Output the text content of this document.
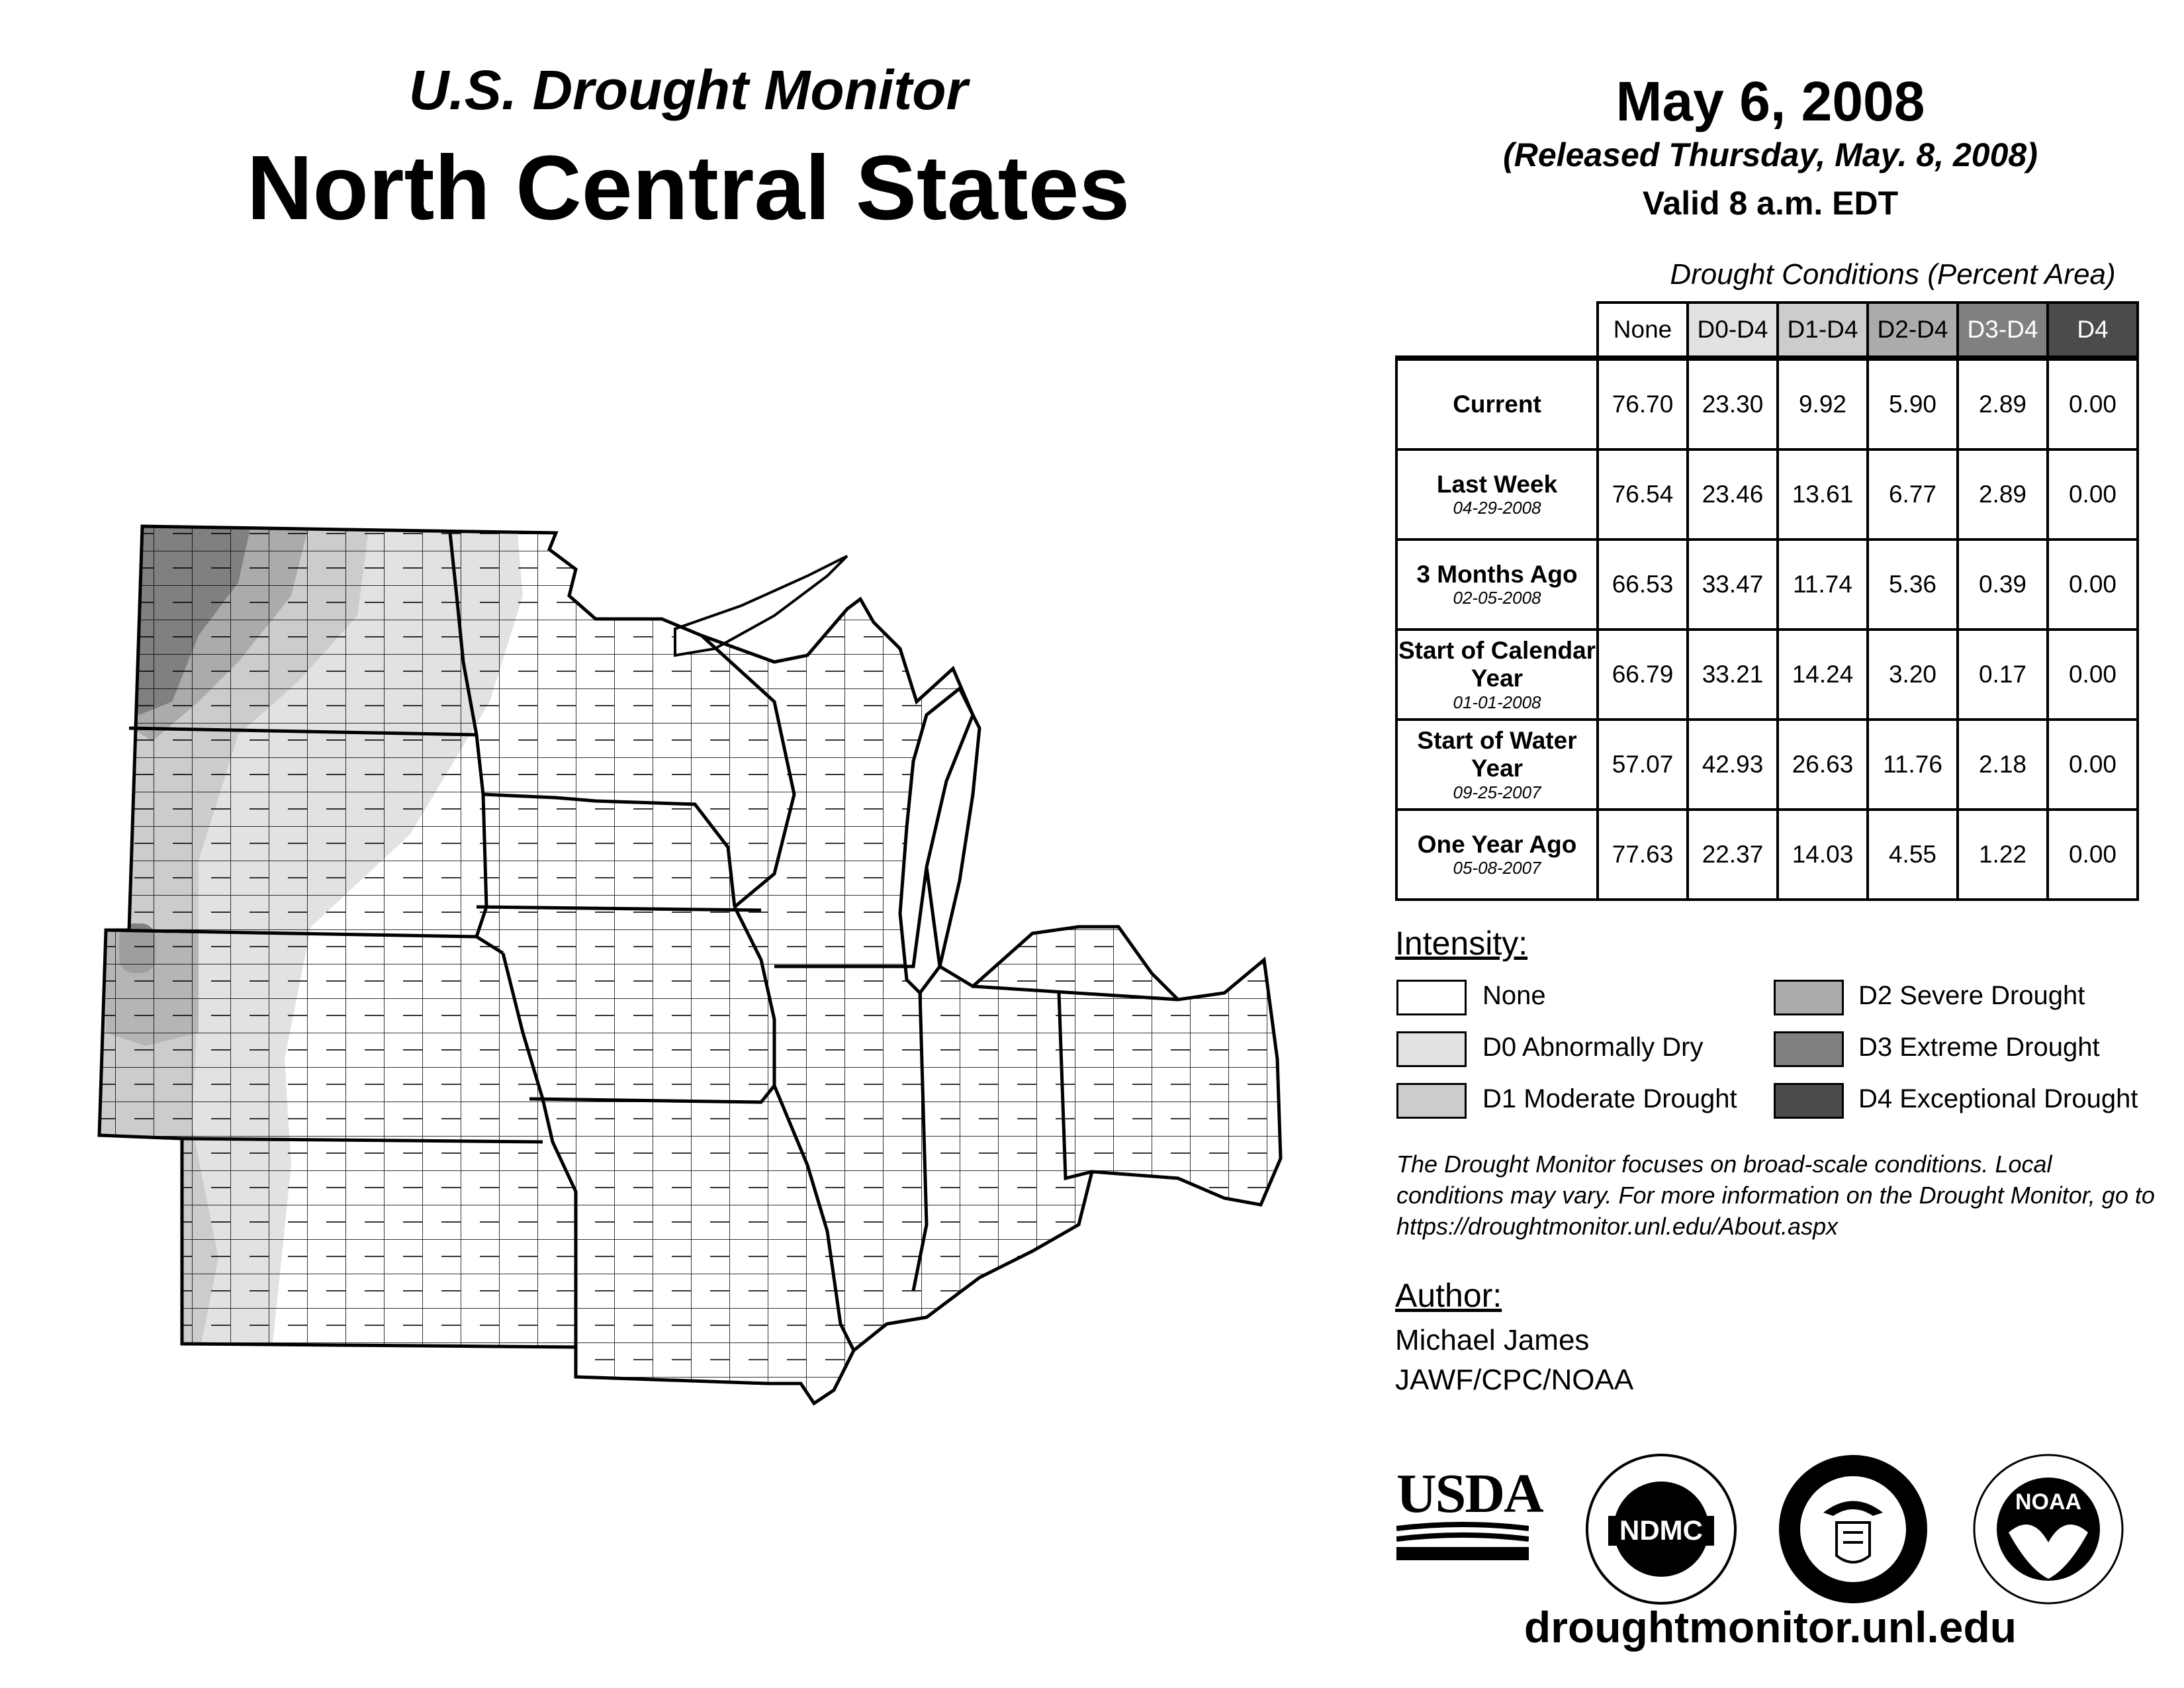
U.S. Drought Monitor
North Central States
May 6, 2008
(Released Thursday, May. 8, 2008)
Valid 8 a.m. EDT
Drought Conditions (Percent Area)
	None	D0-D4	D1-D4	D2-D4	D3-D4	D4
Current	76.70	23.30	9.92	5.90	2.89	0.00
Last Week
04-29-2008	76.54	23.46	13.61	6.77	2.89	0.00
3 Months Ago
02-05-2008	66.53	33.47	11.74	5.36	0.39	0.00
Start of Calendar Year
01-01-2008	66.79	33.21	14.24	3.20	0.17	0.00
Start of Water Year
09-25-2007	57.07	42.93	26.63	11.76	2.18	0.00
One Year Ago
05-08-2007	77.63	22.37	14.03	4.55	1.22	0.00
Intensity:
None
D0 Abnormally Dry
D1 Moderate Drought
D2 Severe Drought
D3 Extreme Drought
D4 Exceptional Drought
The Drought Monitor focuses on broad-scale conditions. Local conditions may vary. For more information on the Drought Monitor, go to https://droughtmonitor.unl.edu/About.aspx
Author:
Michael James
JAWF/CPC/NOAA
USDA
NDMC
NOAA
droughtmonitor.unl.edu
